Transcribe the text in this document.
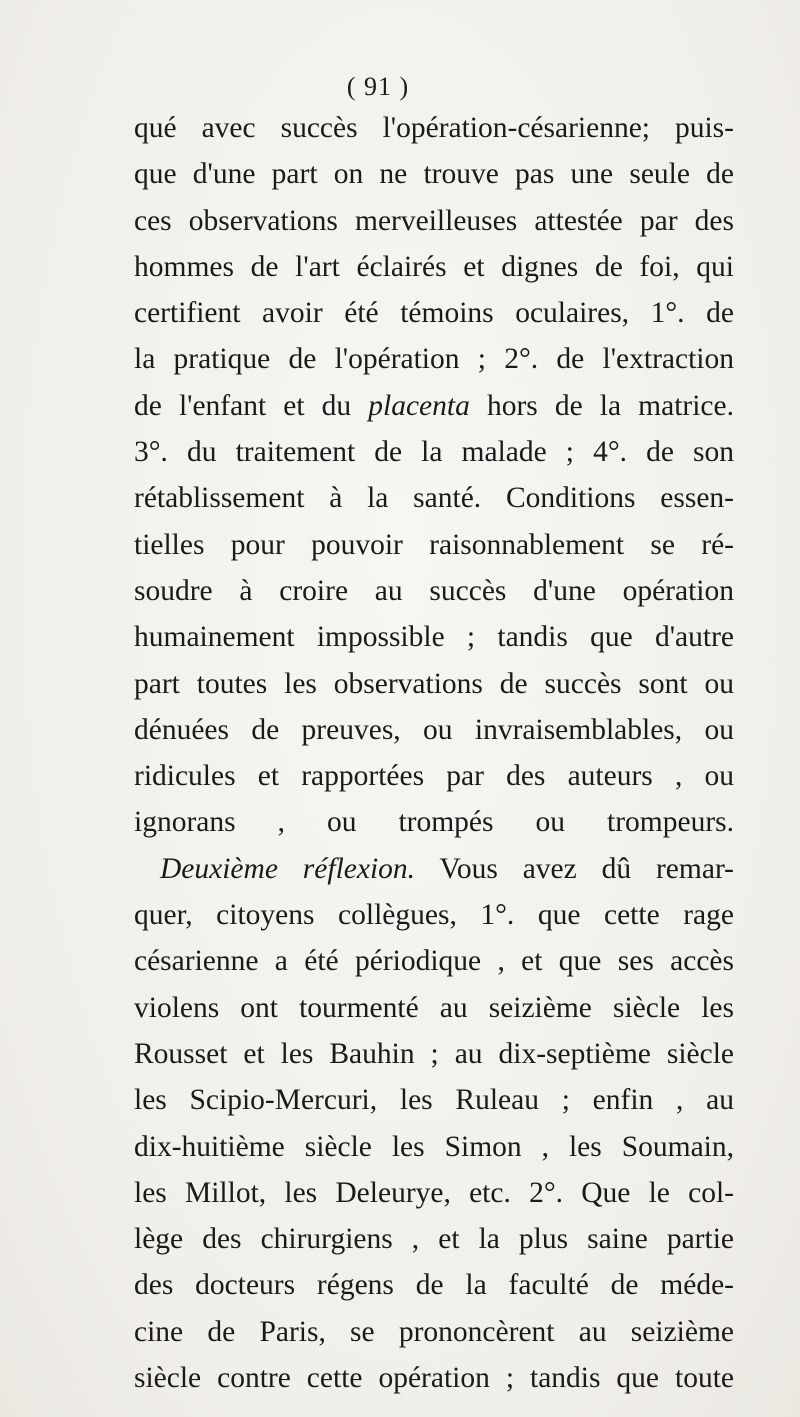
( 91 )
qué avec succès l'opération-césarienne; puis-
que d'une part on ne trouve pas une seule de
ces observations merveilleuses attestée par des
hommes de l'art éclairés et dignes de foi, qui
certifient avoir été témoins oculaires, 1°. de
la pratique de l'opération ; 2°. de l'extraction
de l'enfant et du placenta hors de la matrice.
3°. du traitement de la malade ; 4°. de son
rétablissement à la santé. Conditions essen-
tielles pour pouvoir raisonnablement se ré-
soudre à croire au succès d'une opération
humainement impossible ; tandis que d'autre
part toutes les observations de succès sont ou
dénuées de preuves, ou invraisemblables, ou
ridicules et rapportées par des auteurs , ou
ignorans , ou trompés ou trompeurs.
Deuxième réflexion. Vous avez dû remar-
quer, citoyens collègues, 1°. que cette rage
césarienne a été périodique , et que ses accès
violens ont tourmenté au seizième siècle les
Rousset et les Bauhin ; au dix-septième siècle
les Scipio-Mercuri, les Ruleau ; enfin , au
dix-huitième siècle les Simon , les Soumain,
les Millot, les Deleurye, etc. 2°. Que le col-
lège des chirurgiens , et la plus saine partie
des docteurs régens de la faculté de méde-
cine de Paris, se prononcèrent au seizième
siècle contre cette opération ; tandis que toute
